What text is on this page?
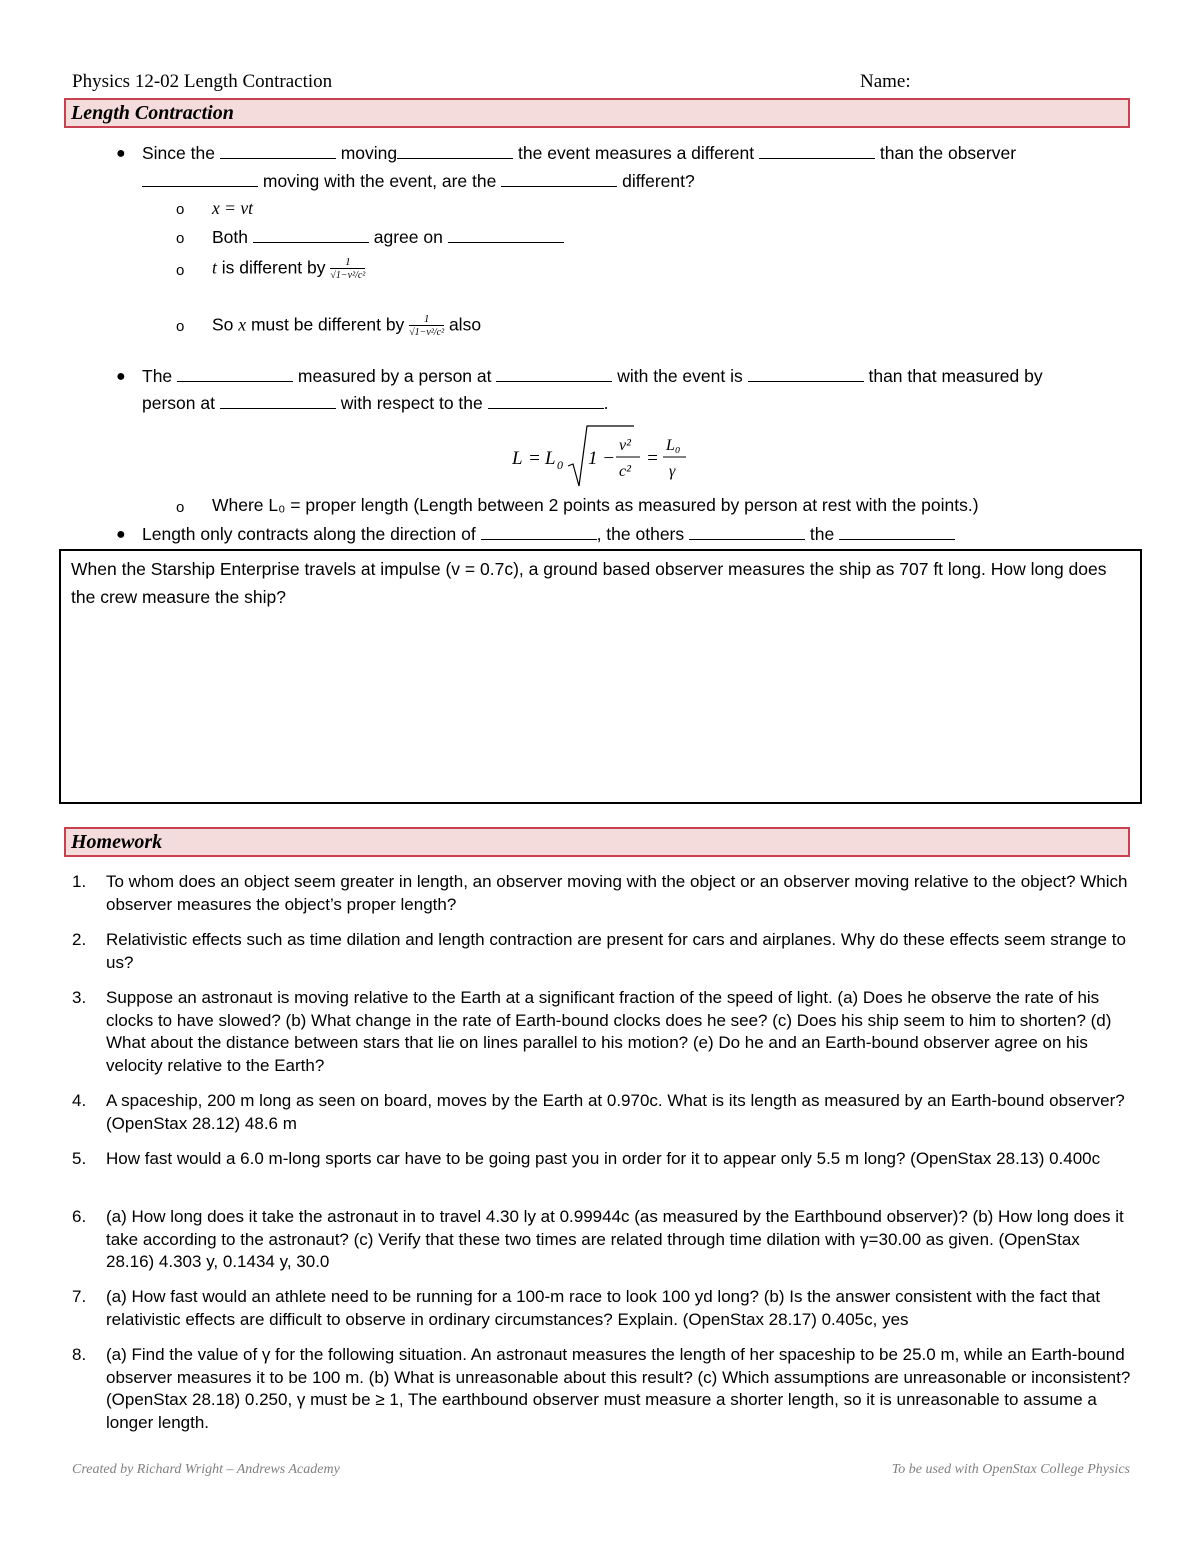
Physics 12-02 Length Contraction	Name:
Length Contraction
● Since the	moving	the event measures a different	than the observer
moving with the event, are the	different?
o x = vt
o Both	agree on
o t is different by $\frac{1}{\text{√1−v²/c²}}$
o So x must be different by $\frac{1}{\text{√1−v²/c²}}$ also
● The	measured by a person at	with the event is	than that measured by
person at	with respect to the	.
L = L 0 1 −
v²
c²
=
L₀
γ
o Where L₀ = proper length (Length between 2 points as measured by person at rest with the points.)
● Length only contracts along the direction of	, the others	the
When the Starship Enterprise travels at impulse (v = 0.7c), a ground based observer measures the ship as 707 ft long. How long does the crew measure the ship?
Homework
1. To whom does an object seem greater in length, an observer moving with the object or an observer moving relative to the object? Which observer measures the object’s proper length?
2. Relativistic effects such as time dilation and length contraction are present for cars and airplanes. Why do these effects seem strange to us?
3. Suppose an astronaut is moving relative to the Earth at a significant fraction of the speed of light. (a) Does he observe the rate of his clocks to have slowed? (b) What change in the rate of Earth-bound clocks does he see? (c) Does his ship seem to him to shorten? (d) What about the distance between stars that lie on lines parallel to his motion? (e) Do he and an Earth-bound observer agree on his velocity relative to the Earth?
4. A spaceship, 200 m long as seen on board, moves by the Earth at 0.970c. What is its length as measured by an Earth-bound observer? (OpenStax 28.12) 48.6 m
5. How fast would a 6.0 m-long sports car have to be going past you in order for it to appear only 5.5 m long? (OpenStax 28.13) 0.400c
6. (a) How long does it take the astronaut in to travel 4.30 ly at 0.99944c (as measured by the Earthbound observer)? (b) How long does it take according to the astronaut? (c) Verify that these two times are related through time dilation with γ=30.00 as given. (OpenStax 28.16) 4.303 y, 0.1434 y, 30.0
7. (a) How fast would an athlete need to be running for a 100-m race to look 100 yd long? (b) Is the answer consistent with the fact that relativistic effects are difficult to observe in ordinary circumstances? Explain. (OpenStax 28.17) 0.405c, yes
8. (a) Find the value of γ for the following situation. An astronaut measures the length of her spaceship to be 25.0 m, while an Earth-bound observer measures it to be 100 m. (b) What is unreasonable about this result? (c) Which assumptions are unreasonable or inconsistent? (OpenStax 28.18) 0.250, γ must be ≥ 1, The earthbound observer must measure a shorter length, so it is unreasonable to assume a longer length.
Created by Richard Wright – Andrews Academy	To be used with OpenStax College Physics
